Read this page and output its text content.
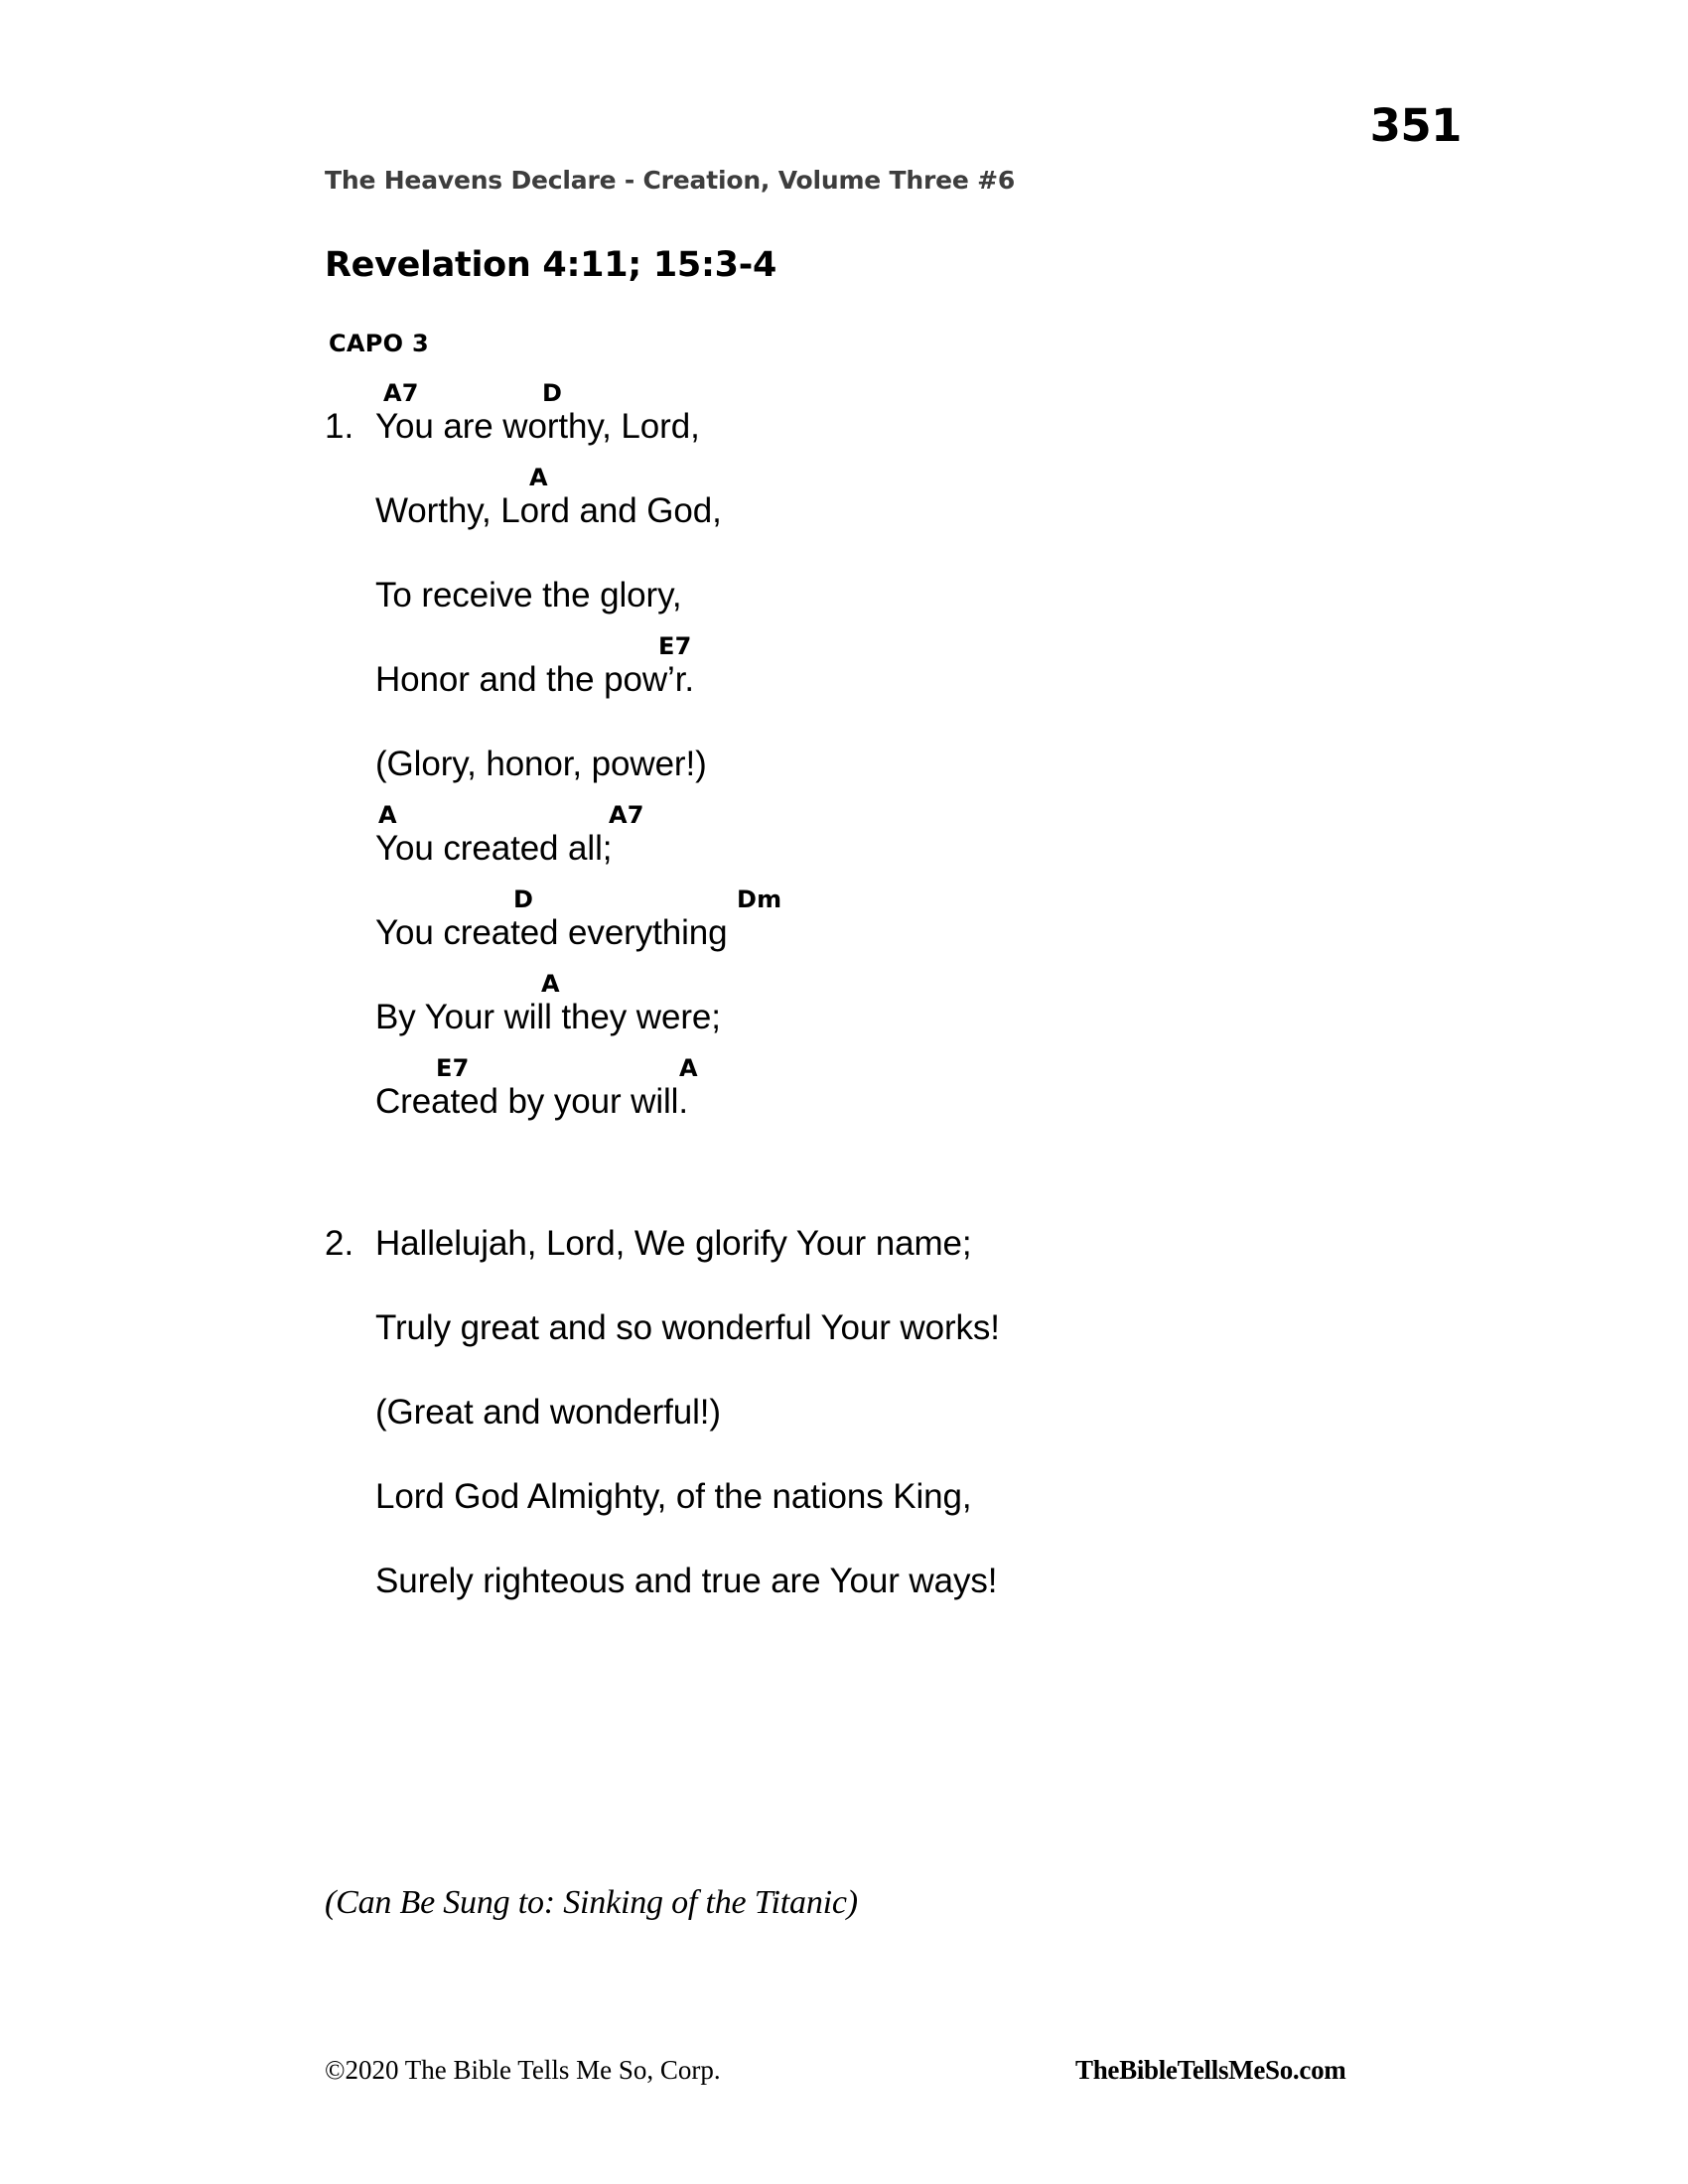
351
The Heavens Declare - Creation, Volume Three #6
Revelation 4:11; 15:3-4
CAPO 3
A7	D
1. You are worthy, Lord,
A
Worthy, Lord and God,
To receive the glory,
E7
Honor and the pow’r.
(Glory, honor, power!)
A	A7
You created all;
D	Dm
You created everything
A
By Your will they were;
E7	A
Created by your will.
2. Hallelujah, Lord, We glorify Your name;
Truly great and so wonderful Your works!
(Great and wonderful!)
Lord God Almighty, of the nations King,
Surely righteous and true are Your ways!
(Can Be Sung to: Sinking of the Titanic)
©2020 The Bible Tells Me So, Corp.	TheBibleTellsMeSo.com
